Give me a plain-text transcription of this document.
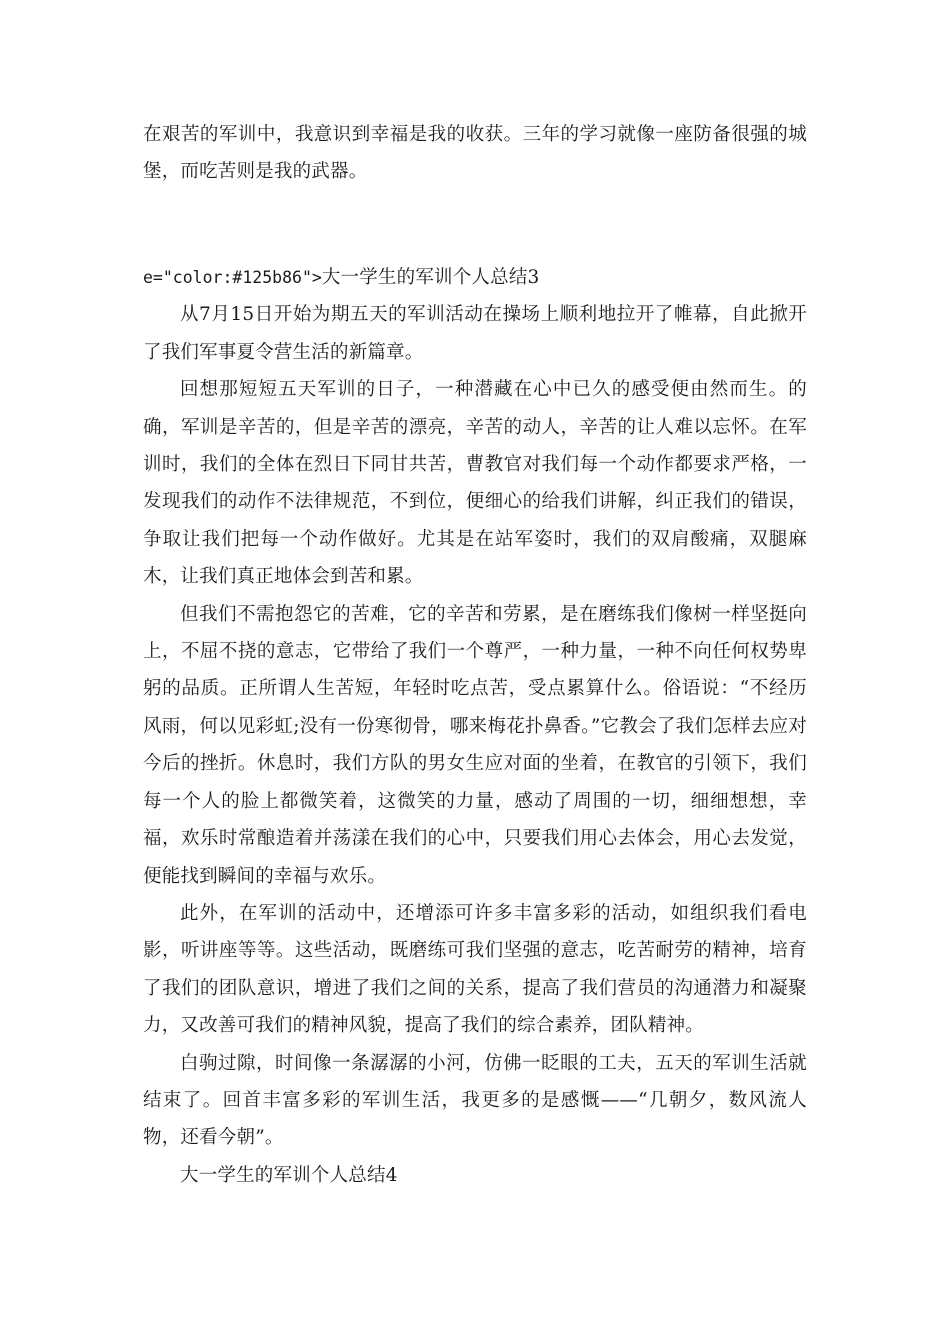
在艰苦的军训中，我意识到幸福是我的收获。三年的学习就像一座防备很强的城堡，而吃苦则是我的武器。

e="color:#125b86">大一学生的军训个人总结3

从7月15日开始为期五天的军训活动在操场上顺利地拉开了帷幕，自此掀开了我们军事夏令营生活的新篇章。

回想那短短五天军训的日子，一种潜藏在心中已久的感受便由然而生。的确，军训是辛苦的，但是辛苦的漂亮，辛苦的动人，辛苦的让人难以忘怀。在军训时，我们的全体在烈日下同甘共苦，曹教官对我们每一个动作都要求严格，一发现我们的动作不法律规范，不到位，便细心的给我们讲解，纠正我们的错误，争取让我们把每一个动作做好。尤其是在站军姿时，我们的双肩酸痛，双腿麻木，让我们真正地体会到苦和累。

但我们不需抱怨它的苦难，它的辛苦和劳累，是在磨练我们像树一样坚挺向上，不屈不挠的意志，它带给了我们一个尊严，一种力量，一种不向任何权势卑躬的品质。正所谓人生苦短，年轻时吃点苦，受点累算什么。俗语说：“不经历风雨，何以见彩虹;没有一份寒彻骨，哪来梅花扑鼻香。”它教会了我们怎样去应对今后的挫折。休息时，我们方队的男女生应对面的坐着，在教官的引领下，我们每一个人的脸上都微笑着，这微笑的力量，感动了周围的一切，细细想想，幸福，欢乐时常酿造着并荡漾在我们的心中，只要我们用心去体会，用心去发觉，便能找到瞬间的幸福与欢乐。

此外，在军训的活动中，还增添可许多丰富多彩的活动，如组织我们看电影，听讲座等等。这些活动，既磨练可我们坚强的意志，吃苦耐劳的精神，培育了我们的团队意识，增进了我们之间的关系，提高了我们营员的沟通潜力和凝聚力，又改善可我们的精神风貌，提高了我们的综合素养，团队精神。

白驹过隙，时间像一条潺潺的小河，仿佛一眨眼的工夫，五天的军训生活就结束了。回首丰富多彩的军训生活，我更多的是感慨——“几朝夕，数风流人物，还看今朝”。

大一学生的军训个人总结4
